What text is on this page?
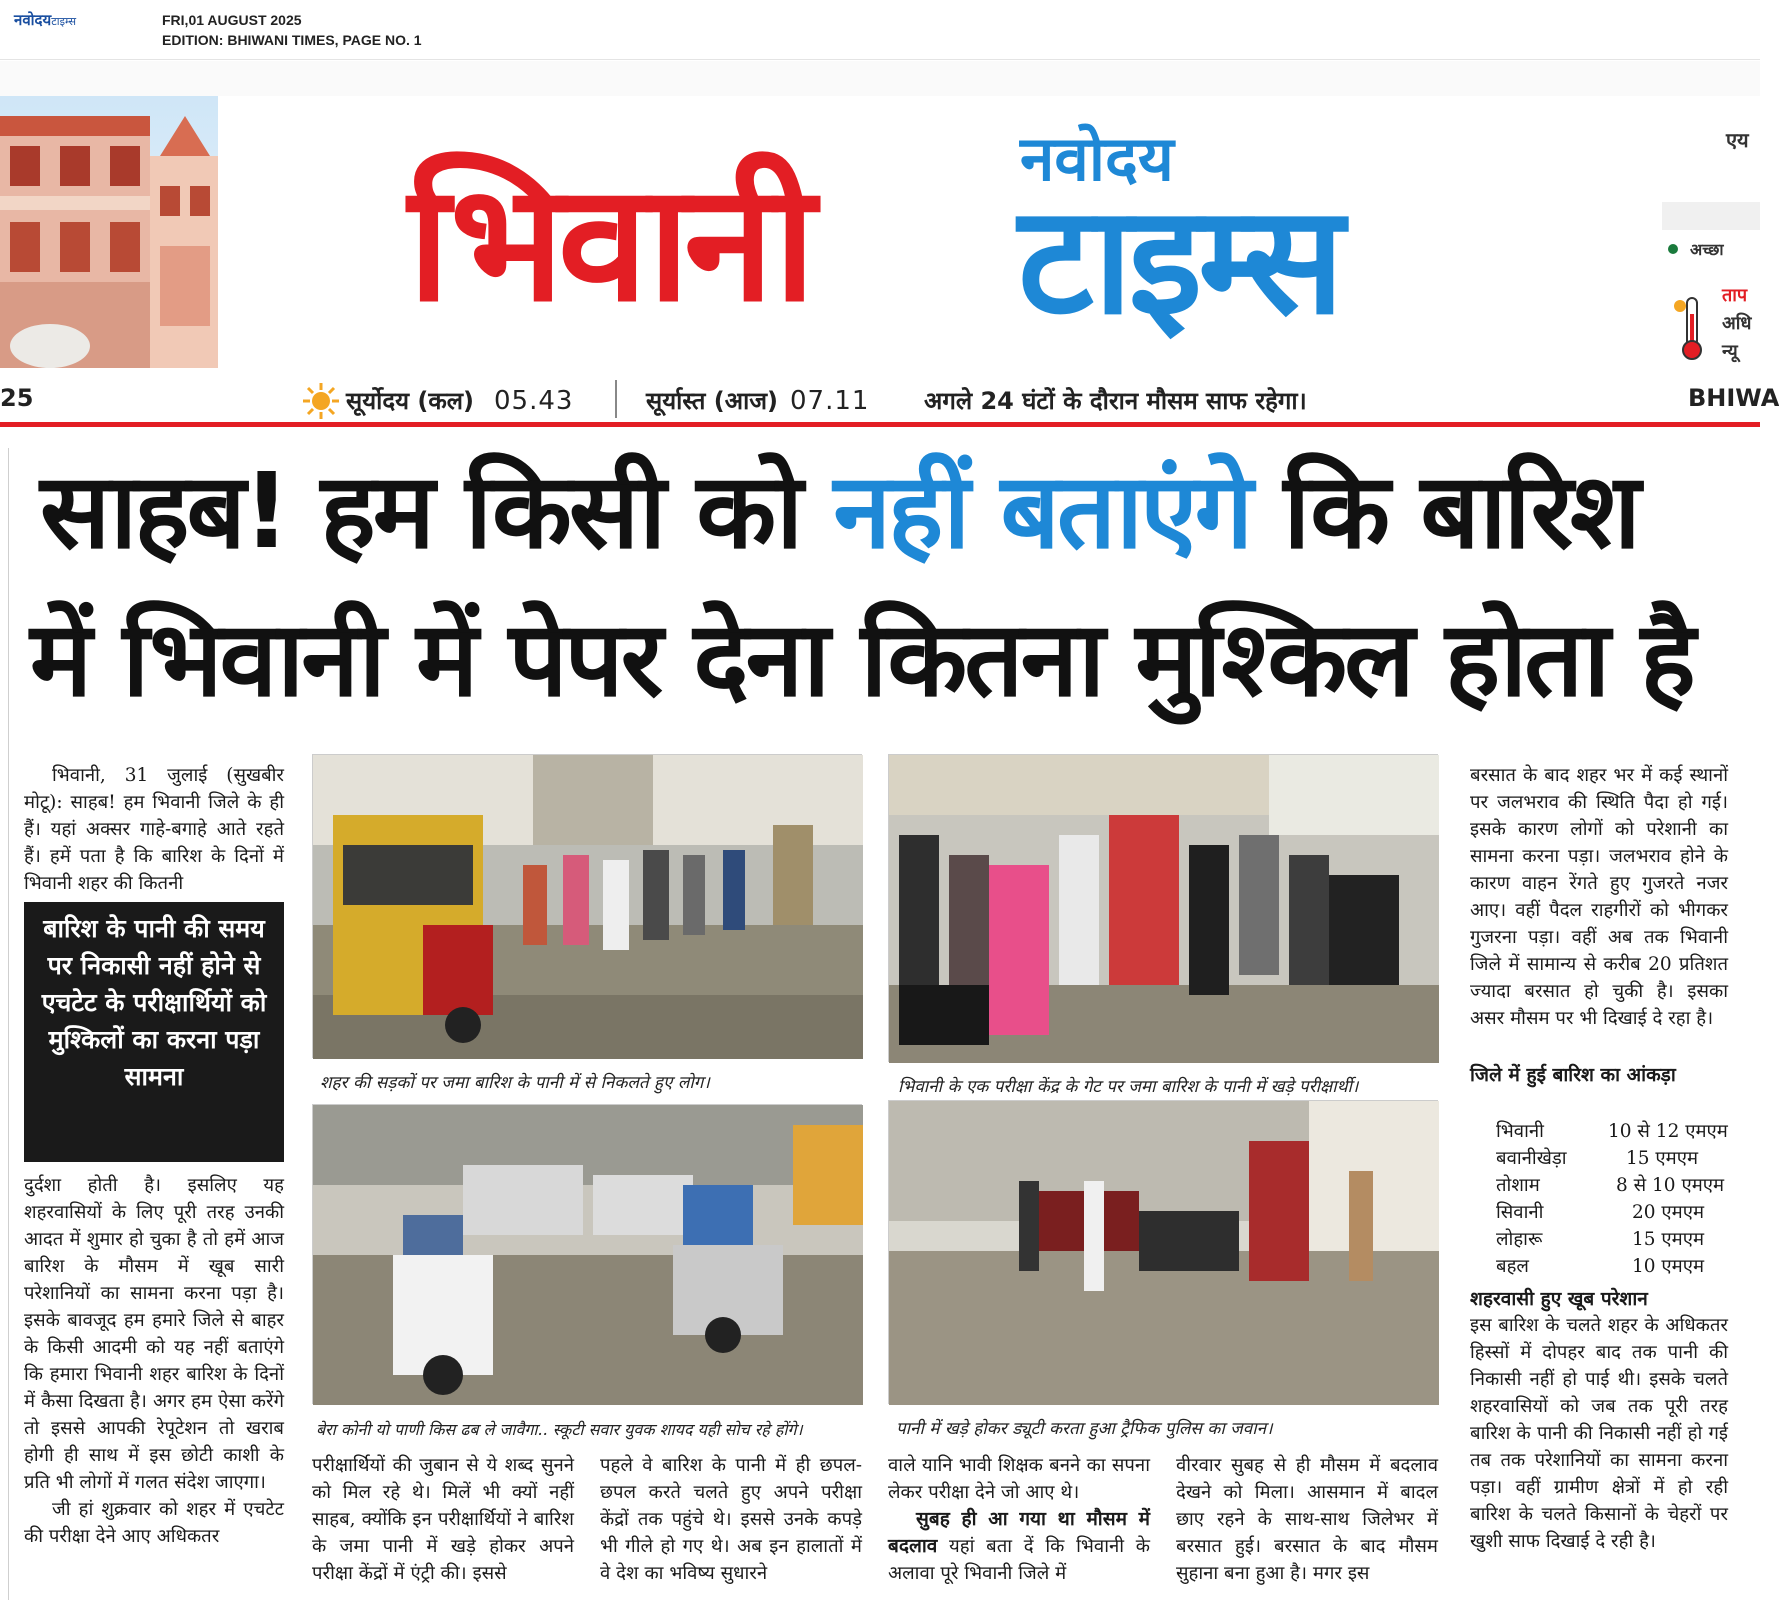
नवोदयटाइम्स	FRI,01 AUGUST 2025
EDITION: BHIWANI TIMES, PAGE NO. 1
भिवानी	नवोदय
टाइम्स
एय
अच्छा
ताप
अधि
न्यू
25	सूर्योदय (कल) 05.43	सूर्यास्त (आज) 07.11 अगले 24 घंटों के दौरान मौसम साफ रहेगा।	BHIWA
साहब! हम किसी को नहीं बताएंगे कि बारिश
में भिवानी में पेपर देना कितना मुश्किल होता है

भिवानी, 31 जुलाई (सुखबीर मोटू): साहब! हम भिवानी जिले के ही हैं। यहां अक्सर गाहे-बगाहे आते रहते हैं। हमें पता है कि बारिश के दिनों में भिवानी शहर की कितनी

बारिश के पानी की समय पर निकासी नहीं होने से एचटेट के परीक्षार्थियों को मुश्किलों का करना पड़ा सामना

दुर्दशा होती है। इसलिए यह शहरवासियों के लिए पूरी तरह उनकी आदत में शुमार हो चुका है तो हमें आज बारिश के मौसम में खूब सारी परेशानियों का सामना करना पड़ा है। इसके बावजूद हम हमारे जिले से बाहर के किसी आदमी को यह नहीं बताएंगे कि हमारा भिवानी शहर बारिश के दिनों में कैसा दिखता है। अगर हम ऐसा करेंगे तो इससे आपकी रेपूटेशन तो खराब होगी ही साथ में इस छोटी काशी के प्रति भी लोगों में गलत संदेश जाएगा।

जी हां शुक्रवार को शहर में एचटेट की परीक्षा देने आए अधिकतर

शहर की सड़कों पर जमा बारिश के पानी में से निकलते हुए लोग।	भिवानी के एक परीक्षा केंद्र के गेट पर जमा बारिश के पानी में खड़े परीक्षार्थी।
बेरा कोनी यो पाणी किस ढब ले जावैगा.. स्कूटी सवार युवक शायद यही सोच रहे होंगे।	पानी में खड़े होकर ड्यूटी करता हुआ ट्रैफिक पुलिस का जवान।

परीक्षार्थियों की जुबान से ये शब्द सुनने को मिल रहे थे। मिलें भी क्यों नहीं साहब, क्योंकि इन परीक्षार्थियों ने बारिश के जमा पानी में खड़े होकर अपने परीक्षा केंद्रों में एंट्री की। इससे

पहले वे बारिश के पानी में ही छपल-छपल करते चलते हुए अपने परीक्षा केंद्रों तक पहुंचे थे। इससे उनके कपड़े भी गीले हो गए थे। अब इन हालातों में वे देश का भविष्य सुधारने

वाले यानि भावी शिक्षक बनने का सपना लेकर परीक्षा देने जो आए थे।

सुबह ही आ गया था मौसम में बदलाव यहां बता दें कि भिवानी के अलावा पूरे भिवानी जिले में

वीरवार सुबह से ही मौसम में बदलाव देखने को मिला। आसमान में बादल छाए रहने के साथ-साथ जिलेभर में बरसात हुई। बरसात के बाद मौसम सुहाना बना हुआ है। मगर इस

बरसात के बाद शहर भर में कई स्थानों पर जलभराव की स्थिति पैदा हो गई। इसके कारण लोगों को परेशानी का सामना करना पड़ा। जलभराव होने के कारण वाहन रेंगते हुए गुजरते नजर आए। वहीं पैदल राहगीरों को भीगकर गुजरना पड़ा। वहीं अब तक भिवानी जिले में सामान्य से करीब 20 प्रतिशत ज्यादा बरसात हो चुकी है। इसका असर मौसम पर भी दिखाई दे रहा है।

जिले में हुई बारिश का आंकड़ा
भिवानी	10 से 12 एमएम
बवानीखेड़ा	15 एमएम
तोशाम	8 से 10 एमएम
सिवानी	20 एमएम
लोहारू	15 एमएम
बहल	10 एमएम
शहरवासी हुए खूब परेशान

इस बारिश के चलते शहर के अधिकतर हिस्सों में दोपहर बाद तक पानी की निकासी नहीं हो पाई थी। इसके चलते शहरवासियों को जब तक पूरी तरह बारिश के पानी की निकासी नहीं हो गई तब तक परेशानियों का सामना करना पड़ा। वहीं ग्रामीण क्षेत्रों में हो रही बारिश के चलते किसानों के चेहरों पर खुशी साफ दिखाई दे रही है।
